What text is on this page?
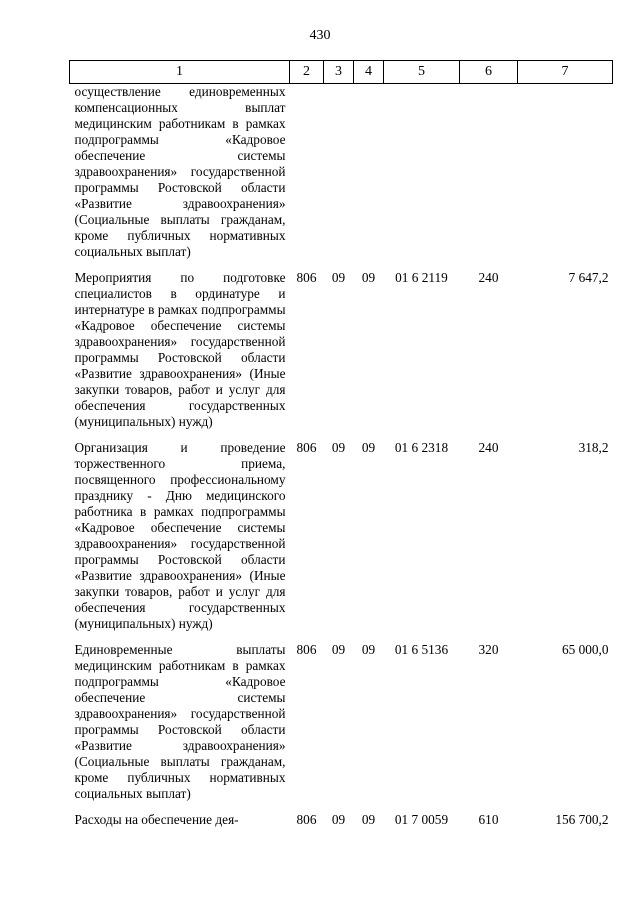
430
1	2	3	4	5	6	7
осуществление единовременных компенсационных выплат медицинским работникам в рамках подпрограммы «Кадровое обеспечение системы здравоохранения» государственной программы Ростовской области «Развитие здравоохранения» (Социальные выплаты гражданам, кроме публичных нормативных социальных выплат)						
Мероприятия по подготовке специалистов в ординатуре и интернатуре в рамках подпрограммы «Кадровое обеспечение системы здравоохранения» государственной программы Ростовской области «Развитие здравоохранения» (Иные закупки товаров, работ и услуг для обеспечения государственных (муниципальных) нужд)	806	09	09	01 6 2119	240	7 647,2
Организация и проведение торжественного приема, посвященного профессиональному празднику - Дню медицинского работника в рамках подпрограммы «Кадровое обеспечение системы здравоохранения» государственной программы Ростовской области «Развитие здравоохранения» (Иные закупки товаров, работ и услуг для обеспечения государственных (муниципальных) нужд)	806	09	09	01 6 2318	240	318,2
Единовременные выплаты медицинским работникам в рамках подпрограммы «Кадровое обеспечение системы здравоохранения» государственной программы Ростовской области «Развитие здравоохранения» (Социальные выплаты гражданам, кроме публичных нормативных социальных выплат)	806	09	09	01 6 5136	320	65 000,0
Расходы на обеспечение дея-	806	09	09	01 7 0059	610	156 700,2
